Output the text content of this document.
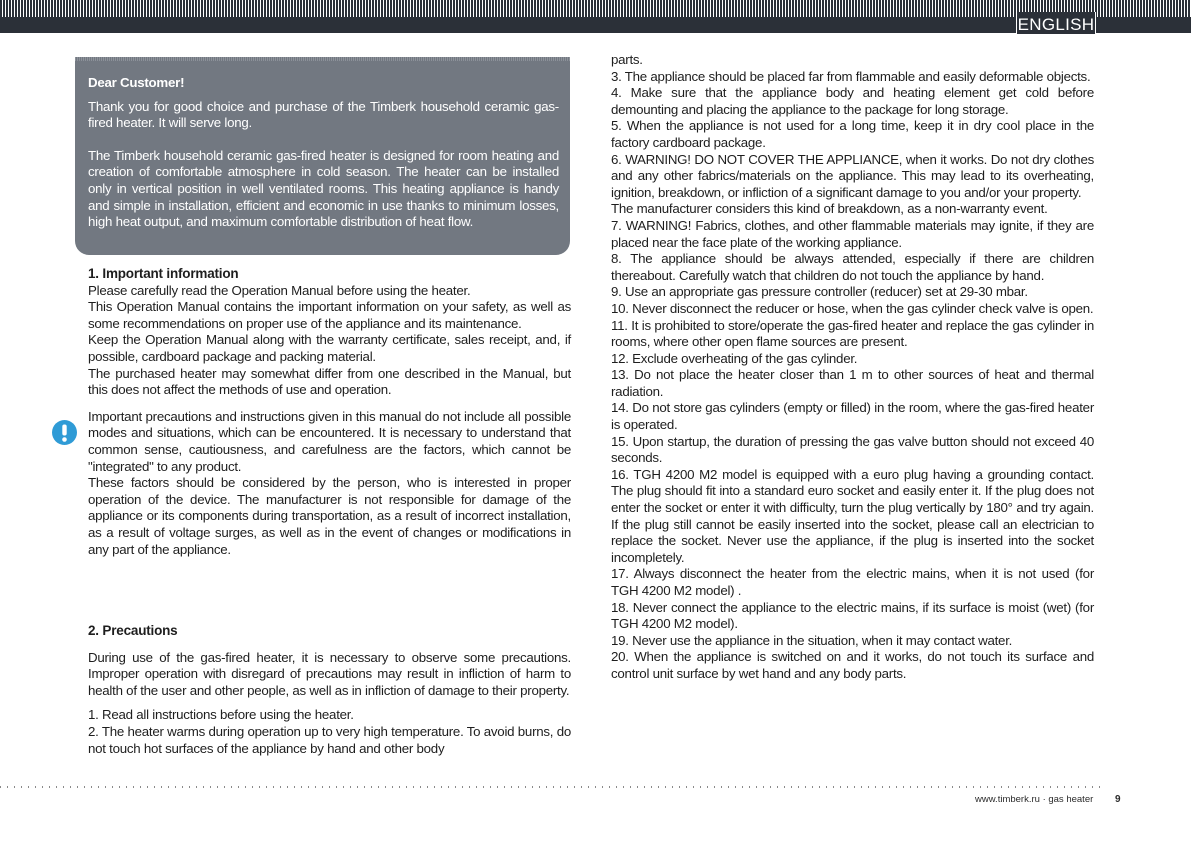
ENGLISH

Dear Customer!

Thank you for good choice and purchase of the Timberk household ceramic gas-fired heater. It will serve long.

The Timberk household ceramic gas-fired heater is designed for room heating and creation of comfortable atmosphere in cold season. The heater can be installed only in vertical position in well ventilated rooms. This heating appliance is handy and simple in installation, efficient and economic in use thanks to minimum losses, high heat output, and maximum comfortable distribution of heat flow.

1. Important information

Please carefully read the Operation Manual before using the heater.

This Operation Manual contains the important information on your safety, as well as some recommendations on proper use of the appliance and its maintenance.

Keep the Operation Manual along with the warranty certificate, sales receipt, and, if possible, cardboard package and packing material.

The purchased heater may somewhat differ from one described in the Manual, but this does not affect the methods of use and operation.

Important precautions and instructions given in this manual do not include all possible modes and situations, which can be encountered. It is necessary to understand that common sense, cautiousness, and carefulness are the factors, which cannot be "integrated" to any product.

These factors should be considered by the person, who is interested in proper operation of the device. The manufacturer is not responsible for damage of the appliance or its components during transportation, as a result of incorrect installation, as a result of voltage surges, as well as in the event of changes or modifications in any part of the appliance.

2. Precautions

During use of the gas-fired heater, it is necessary to observe some precautions. Improper operation with disregard of precautions may result in infliction of harm to health of the user and other people, as well as in infliction of damage to their property.

1. Read all instructions before using the heater.

2. The heater warms during operation up to very high temperature. To avoid burns, do not touch hot surfaces of the appliance by hand and other body

parts.

3. The appliance should be placed far from flammable and easily deformable objects.

4. Make sure that the appliance body and heating element get cold before demounting and placing the appliance to the package for long storage.

5. When the appliance is not used for a long time, keep it in dry cool place in the factory cardboard package.

6. WARNING! DO NOT COVER THE APPLIANCE, when it works. Do not dry clothes and any other fabrics/materials on the appliance. This may lead to its overheating, ignition, breakdown, or infliction of a significant damage to you and/or your property.

The manufacturer considers this kind of breakdown, as a non-warranty event.

7. WARNING! Fabrics, clothes, and other flammable materials may ignite, if they are placed near the face plate of the working appliance.

8. The appliance should be always attended, especially if there are children thereabout. Carefully watch that children do not touch the appliance by hand.

9. Use an appropriate gas pressure controller (reducer) set at 29-30 mbar.

10. Never disconnect the reducer or hose, when the gas cylinder check valve is open.

11. It is prohibited to store/operate the gas-fired heater and replace the gas cylinder in rooms, where other open flame sources are present.

12. Exclude overheating of the gas cylinder.

13. Do not place the heater closer than 1 m to other sources of heat and thermal radiation.

14. Do not store gas cylinders (empty or filled) in the room, where the gas-fired heater is operated.

15. Upon startup, the duration of pressing the gas valve button should not exceed 40 seconds.

16. TGH 4200 M2 model is equipped with a euro plug having a grounding contact. The plug should fit into a standard euro socket and easily enter it. If the plug does not enter the socket or enter it with difficulty, turn the plug vertically by 180° and try again. If the plug still cannot be easily inserted into the socket, please call an electrician to replace the socket. Never use the appliance, if the plug is inserted into the socket incompletely.

17. Always disconnect the heater from the electric mains, when it is not used (for TGH 4200 M2 model) .

18. Never connect the appliance to the electric mains, if its surface is moist (wet) (for TGH 4200 M2 model).

19. Never use the appliance in the situation, when it may contact water.

20. When the appliance is switched on and it works, do not touch its surface and control unit surface by wet hand and any body parts.

www.timberk.ru · gas heater 9
